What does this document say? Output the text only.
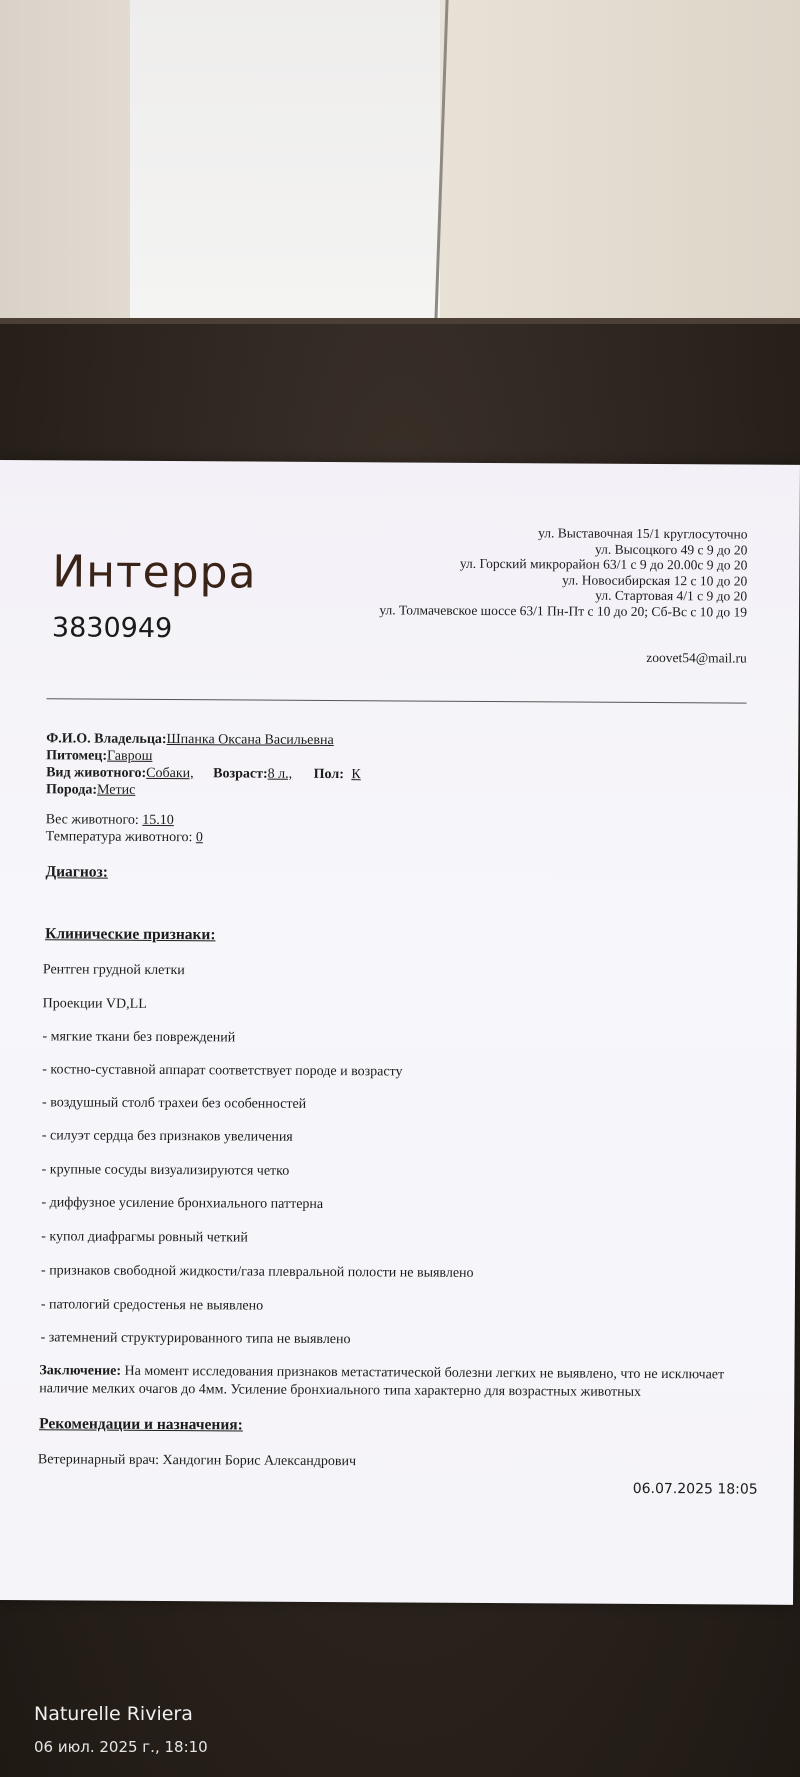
Интерра
3830949
ул. Выставочная 15/1 круглосуточно
ул. Высоцкого 49 с 9 до 20
ул. Горский микрорайон 63/1 с 9 до 20.00с 9 до 20
ул. Новосибирская 12 с 10 до 20
ул. Стартовая 4/1 с 9 до 20
ул. Толмачевское шоссе 63/1 Пн-Пт с 10 до 20; Сб-Вс с 10 до 19
zoovet54@mail.ru
Ф.И.О. Владельца:Шпанка Оксана Васильевна
Питомец:Гаврош
Вид животного:Собаки, Возраст:8 л., Пол: К
Порода:Метис
Вес животного: 15.10
Температура животного: 0
Диагноз:
Клинические признаки:
Рентген грудной клетки
Проекции VD,LL
- мягкие ткани без повреждений
- костно-суставной аппарат соответствует породе и возрасту
- воздушный столб трахеи без особенностей
- силуэт сердца без признаков увеличения
- крупные сосуды визуализируются четко
- диффузное усиление бронхиального паттерна
- купол диафрагмы ровный четкий
- признаков свободной жидкости/газа плевральной полости не выявлено
- патологий средостенья не выявлено
- затемнений структурированного типа не выявлено
Заключение: На момент исследования признаков метастатической болезни легких не выявлено, что не исключает наличие мелких очагов до 4мм. Усиление бронхиального типа характерно для возрастных животных
Рекомендации и назначения:
Ветеринарный врач: Хандогин Борис Александрович
06.07.2025 18:05
Naturelle Riviera
06 июл. 2025 г., 18:10
